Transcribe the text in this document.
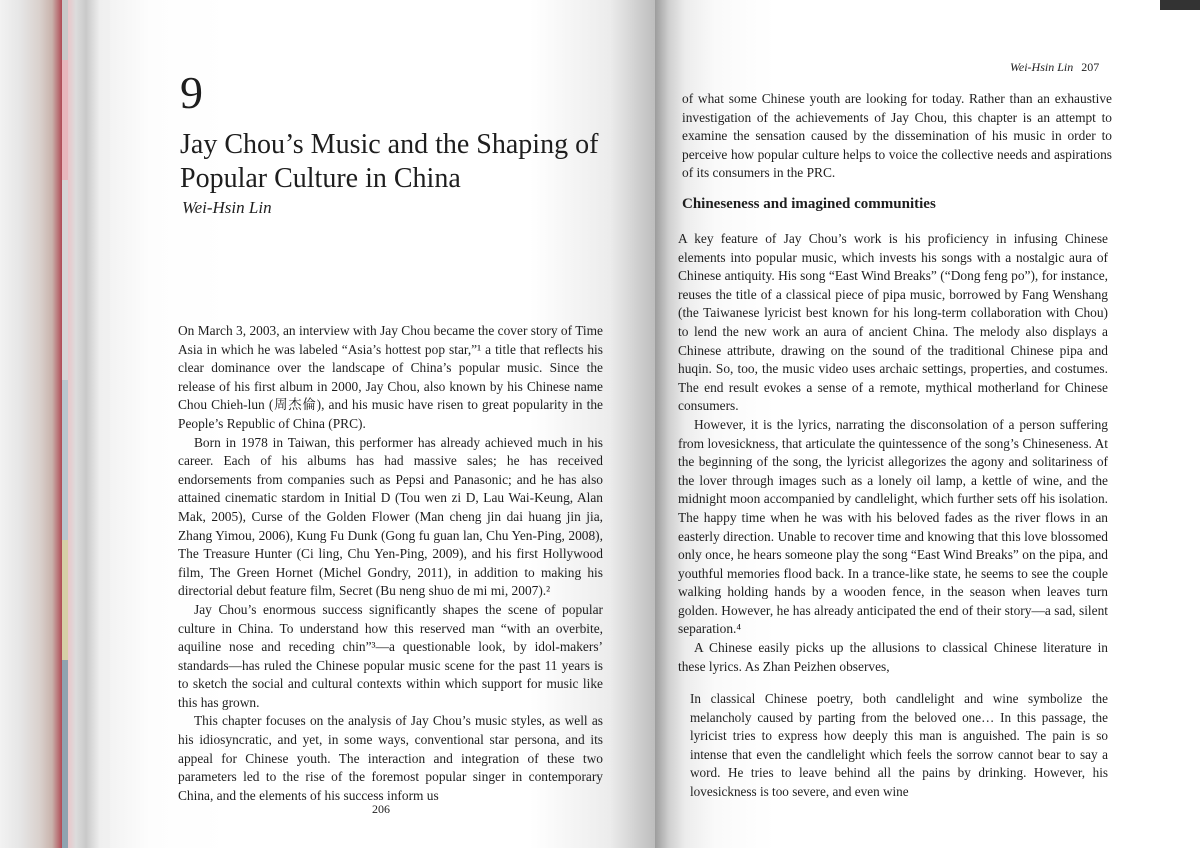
9
Jay Chou’s Music and the Shaping of Popular Culture in China
Wei-Hsin Lin

On March 3, 2003, an interview with Jay Chou became the cover story of Time Asia in which he was labeled “Asia’s hottest pop star,”¹ a title that reflects his clear dominance over the landscape of China’s popular music. Since the release of his first album in 2000, Jay Chou, also known by his Chinese name Chou Chieh-lun (周杰倫), and his music have risen to great popularity in the People’s Republic of China (PRC).

Born in 1978 in Taiwan, this performer has already achieved much in his career. Each of his albums has had massive sales; he has received endorsements from companies such as Pepsi and Panasonic; and he has also attained cinematic stardom in Initial D (Tou wen zi D, Lau Wai-Keung, Alan Mak, 2005), Curse of the Golden Flower (Man cheng jin dai huang jin jia, Zhang Yimou, 2006), Kung Fu Dunk (Gong fu guan lan, Chu Yen-Ping, 2008), The Treasure Hunter (Ci ling, Chu Yen-Ping, 2009), and his first Hollywood film, The Green Hornet (Michel Gondry, 2011), in addition to making his directorial debut feature film, Secret (Bu neng shuo de mi mi, 2007).²

Jay Chou’s enormous success significantly shapes the scene of popular culture in China. To understand how this reserved man “with an overbite, aquiline nose and receding chin”³—a questionable look, by idol-makers’ standards—has ruled the Chinese popular music scene for the past 11 years is to sketch the social and cultural contexts within which support for music like this has grown.

This chapter focuses on the analysis of Jay Chou’s music styles, as well as his idiosyncratic, and yet, in some ways, conventional star persona, and its appeal for Chinese youth. The interaction and integration of these two parameters led to the rise of the foremost popular singer in contemporary China, and the elements of his success inform us

206
Wei-Hsin Lin 207

of what some Chinese youth are looking for today. Rather than an exhaustive investigation of the achievements of Jay Chou, this chapter is an attempt to examine the sensation caused by the dissemination of his music in order to perceive how popular culture helps to voice the collective needs and aspirations of its consumers in the PRC.

Chineseness and imagined communities

A key feature of Jay Chou’s work is his proficiency in infusing Chinese elements into popular music, which invests his songs with a nostalgic aura of Chinese antiquity. His song “East Wind Breaks” (“Dong feng po”), for instance, reuses the title of a classical piece of pipa music, borrowed by Fang Wenshang (the Taiwanese lyricist best known for his long-term collaboration with Chou) to lend the new work an aura of ancient China. The melody also displays a Chinese attribute, drawing on the sound of the traditional Chinese pipa and huqin. So, too, the music video uses archaic settings, properties, and costumes. The end result evokes a sense of a remote, mythical motherland for Chinese consumers.

However, it is the lyrics, narrating the disconsolation of a person suffering from lovesickness, that articulate the quintessence of the song’s Chineseness. At the beginning of the song, the lyricist allegorizes the agony and solitariness of the lover through images such as a lonely oil lamp, a kettle of wine, and the midnight moon accompanied by candlelight, which further sets off his isolation. The happy time when he was with his beloved fades as the river flows in an easterly direction. Unable to recover time and knowing that this love blossomed only once, he hears someone play the song “East Wind Breaks” on the pipa, and youthful memories flood back. In a trance-like state, he seems to see the couple walking holding hands by a wooden fence, in the season when leaves turn golden. However, he has already anticipated the end of their story—a sad, silent separation.⁴

A Chinese easily picks up the allusions to classical Chinese literature in these lyrics. As Zhan Peizhen observes,

In classical Chinese poetry, both candlelight and wine symbolize the melancholy caused by parting from the beloved one… In this passage, the lyricist tries to express how deeply this man is anguished. The pain is so intense that even the candlelight which feels the sorrow cannot bear to say a word. He tries to leave behind all the pains by drinking. However, his lovesickness is too severe, and even wine
